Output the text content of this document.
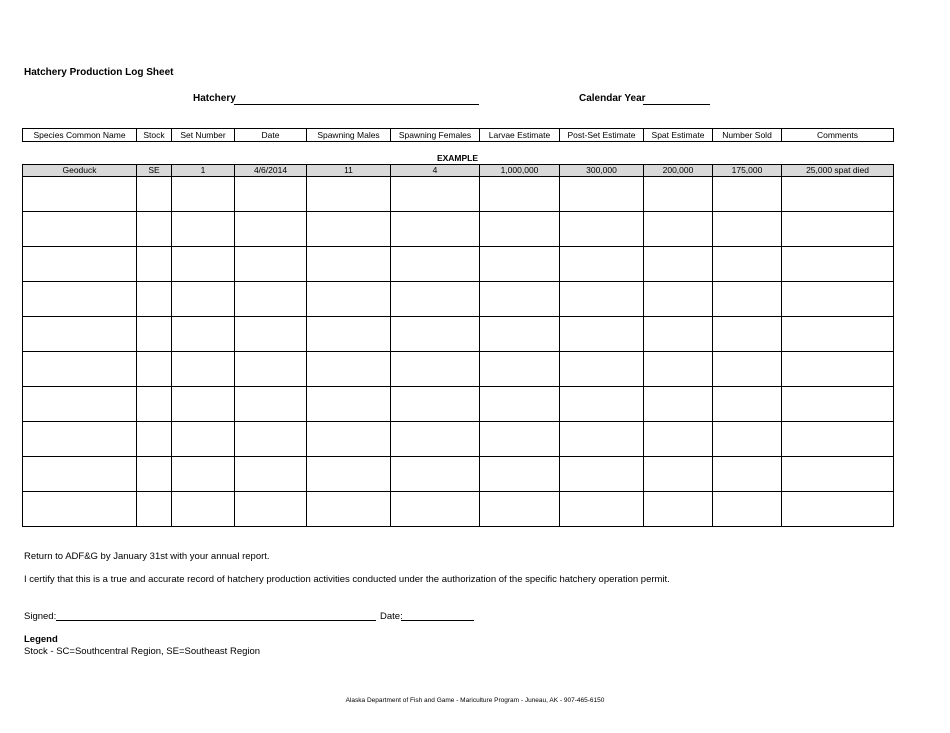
Hatchery Production Log Sheet
Hatchery	Calendar Year
Species Common Name	Stock	Set Number	Date	Spawning Males	Spawning Females	Larvae Estimate	Post-Set Estimate	Spat Estimate	Number Sold	Comments
EXAMPLE
Geoduck	SE	1	4/6/2014	11	4	1,000,000	300,000	200,000	175,000	25,000 spat died

Return to ADF&G by January 31st with your annual report.
I certify that this is a true and accurate record of hatchery production activities conducted under the authorization of the specific hatchery operation permit.
Signed:	Date:
Legend
Stock - SC=Southcentral Region, SE=Southeast Region
Alaska Department of Fish and Game - Mariculture Program - Juneau, AK - 907-465-6150
